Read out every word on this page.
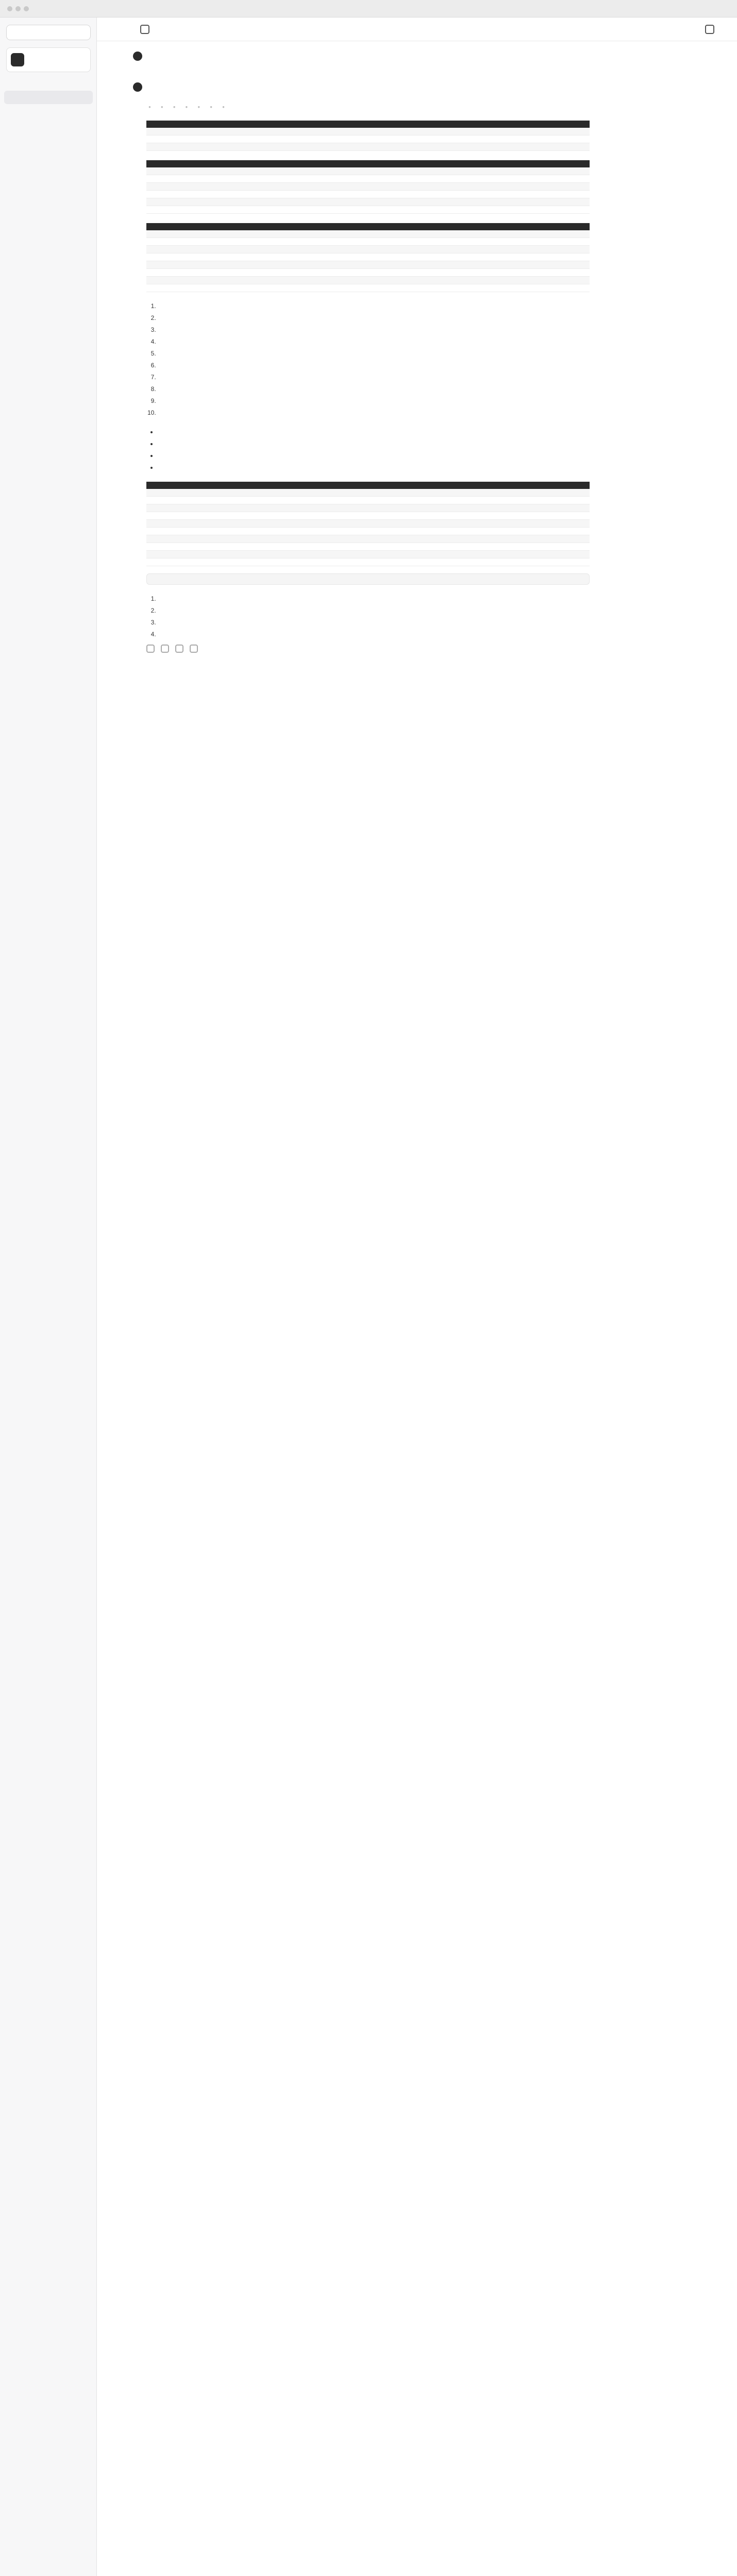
●
●
●
●
●
●
●

1.
2.
3.
4.
5.
6.
7.
8.
9.
10.

•
•
•
•

1.
2.
3.
4.
